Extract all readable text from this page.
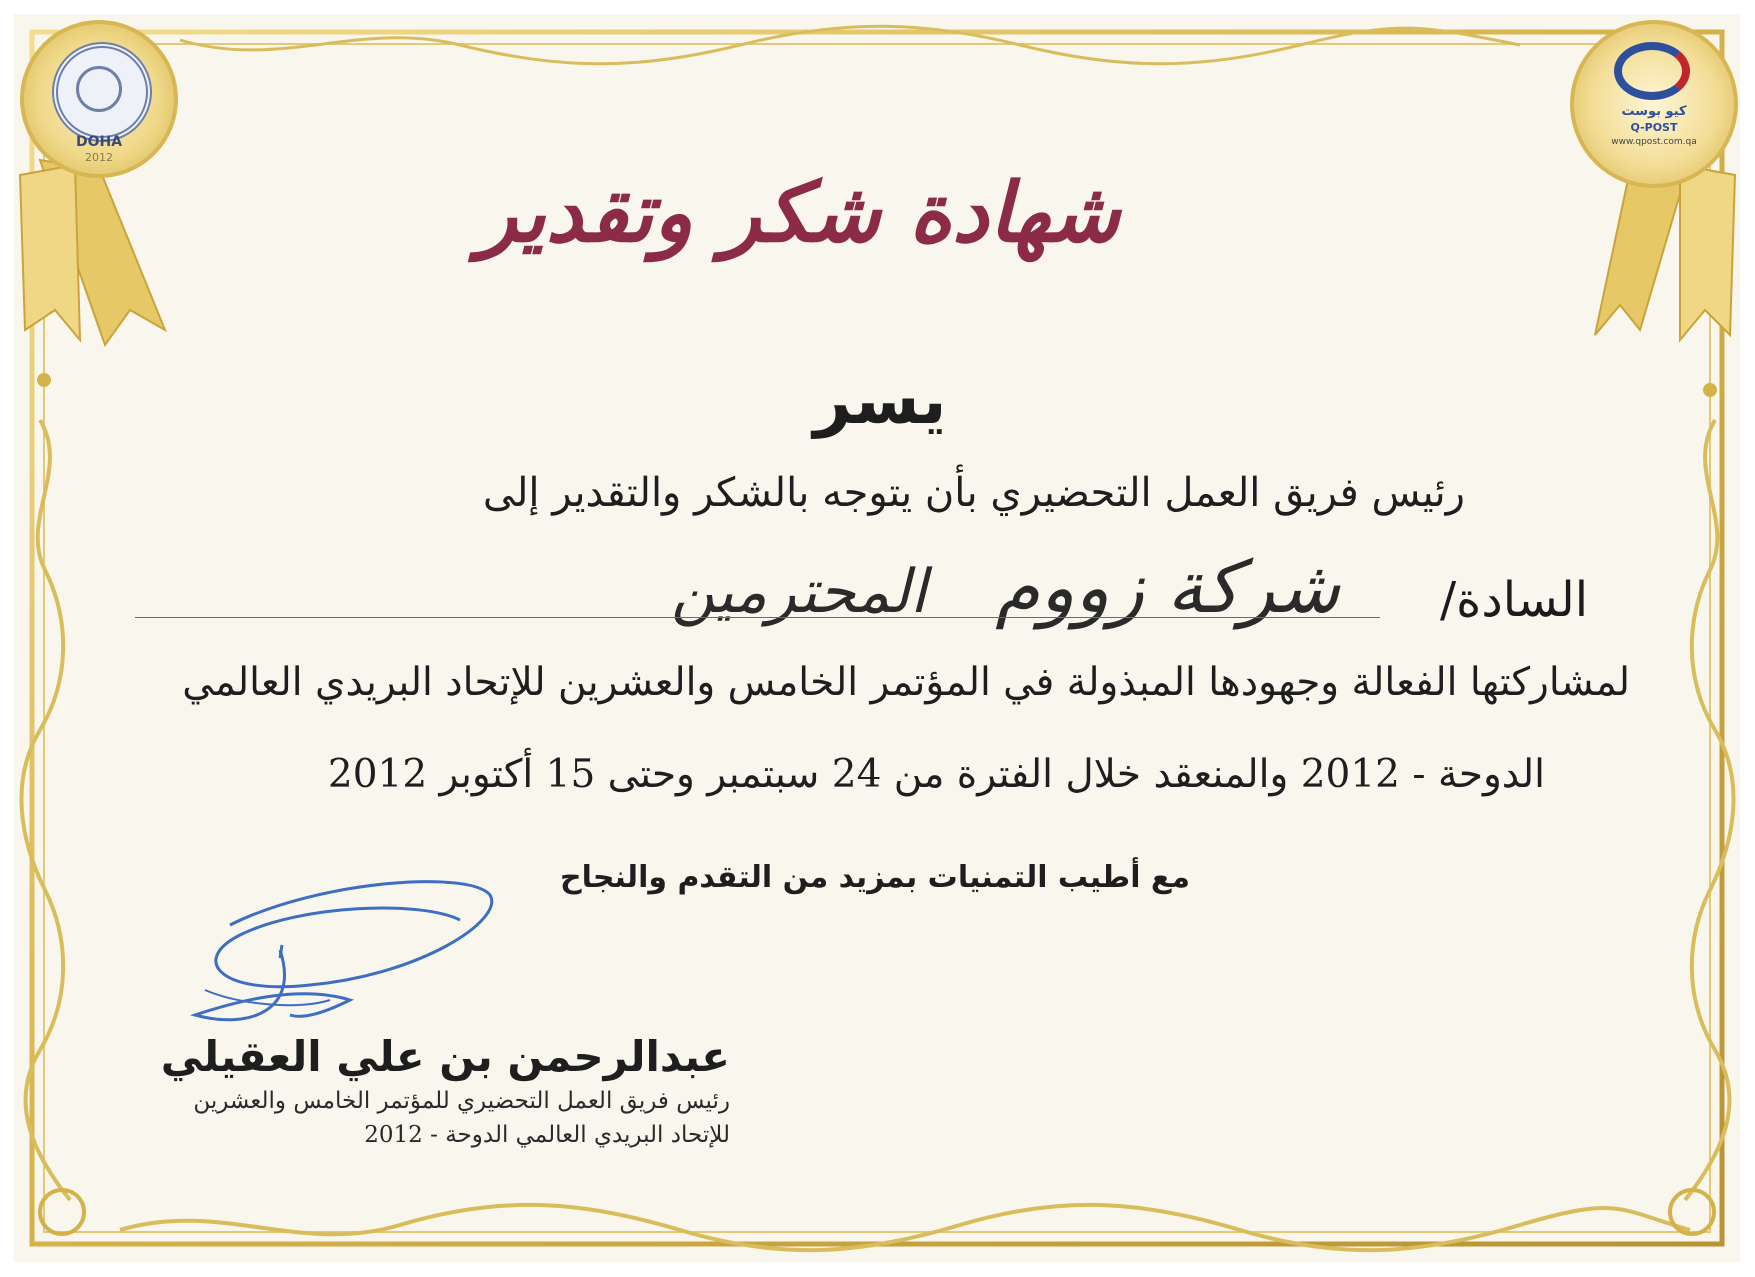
DOHA
2012
كيو بوست
Q-POST
www.qpost.com.qa
شهادة شكر وتقدير
يسر
رئيس فريق العمل التحضيري بأن يتوجه بالشكر والتقدير إلى
السادة/
شركة زووم   المحترمين
لمشاركتها الفعالة وجهودها المبذولة في المؤتمر الخامس والعشرين للإتحاد البريدي العالمي
الدوحة - 2012 والمنعقد خلال الفترة من 24 سبتمبر وحتى 15 أكتوبر 2012
مع أطيب التمنيات بمزيد من التقدم والنجاح
عبدالرحمن بن علي العقيلي
رئيس فريق العمل التحضيري للمؤتمر الخامس والعشرين
للإتحاد البريدي العالمي الدوحة - 2012
